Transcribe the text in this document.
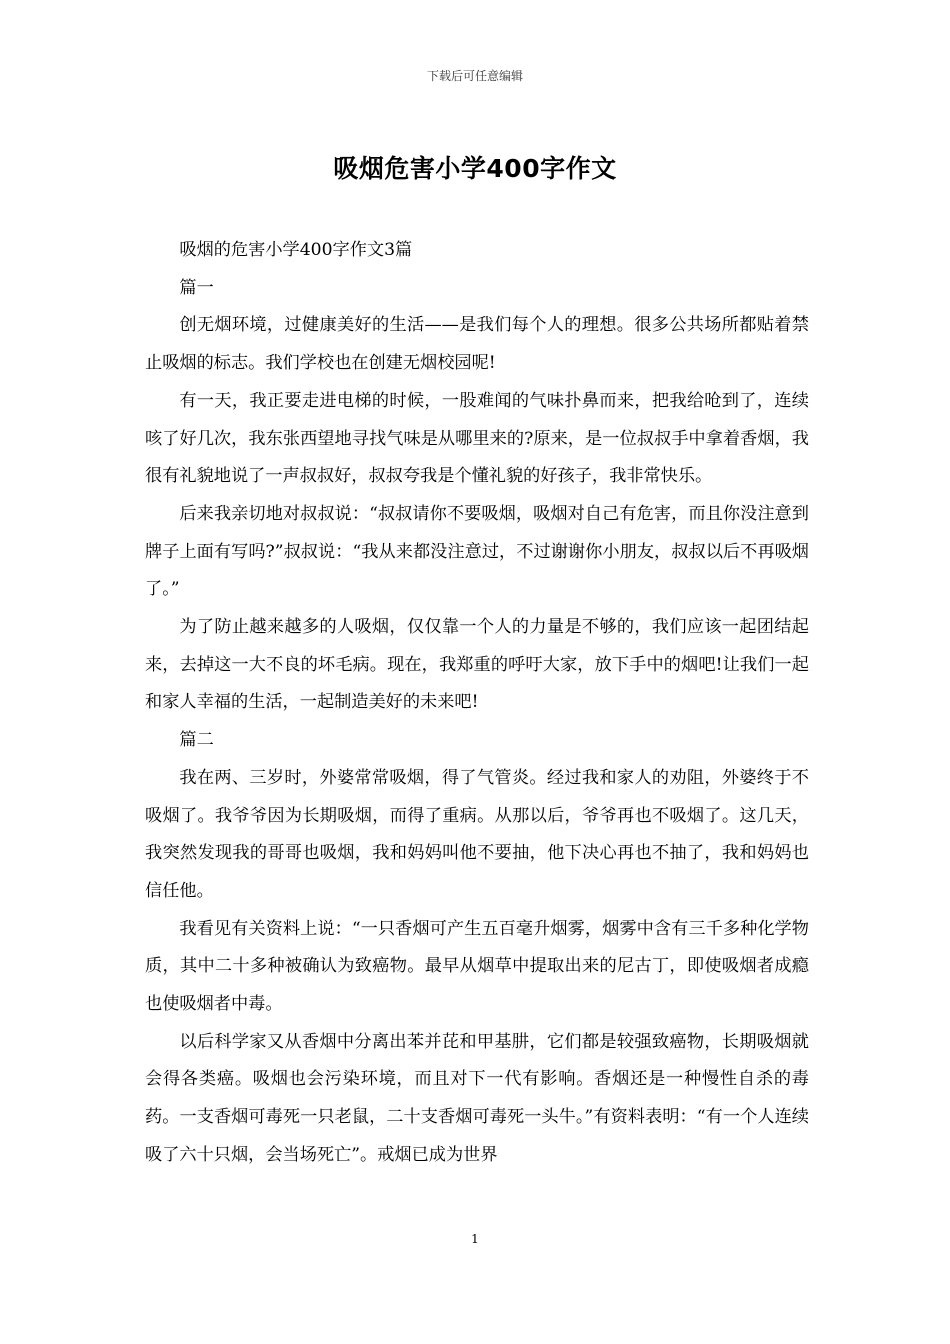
下载后可任意编辑
吸烟危害小学400字作文

吸烟的危害小学400字作文3篇

篇一

创无烟环境，过健康美好的生活——是我们每个人的理想。很多公共场所都贴着禁止吸烟的标志。我们学校也在创建无烟校园呢!

有一天，我正要走进电梯的时候，一股难闻的气味扑鼻而来，把我给呛到了，连续咳了好几次，我东张西望地寻找气味是从哪里来的?原来，是一位叔叔手中拿着香烟，我很有礼貌地说了一声叔叔好，叔叔夸我是个懂礼貌的好孩子，我非常快乐。

后来我亲切地对叔叔说：“叔叔请你不要吸烟，吸烟对自己有危害，而且你没注意到牌子上面有写吗?”叔叔说：“我从来都没注意过，不过谢谢你小朋友，叔叔以后不再吸烟了。”

为了防止越来越多的人吸烟，仅仅靠一个人的力量是不够的，我们应该一起团结起来，去掉这一大不良的坏毛病。现在，我郑重的呼吁大家，放下手中的烟吧!让我们一起和家人幸福的生活，一起制造美好的未来吧!

篇二

我在两、三岁时，外婆常常吸烟，得了气管炎。经过我和家人的劝阻，外婆终于不吸烟了。我爷爷因为长期吸烟，而得了重病。从那以后，爷爷再也不吸烟了。这几天，我突然发现我的哥哥也吸烟，我和妈妈叫他不要抽，他下决心再也不抽了，我和妈妈也信任他。

我看见有关资料上说：“一只香烟可产生五百毫升烟雾，烟雾中含有三千多种化学物质，其中二十多种被确认为致癌物。最早从烟草中提取出来的尼古丁，即使吸烟者成瘾也使吸烟者中毒。

以后科学家又从香烟中分离出苯并芘和甲基肼，它们都是较强致癌物，长期吸烟就会得各类癌。吸烟也会污染环境，而且对下一代有影响。香烟还是一种慢性自杀的毒药。一支香烟可毒死一只老鼠，二十支香烟可毒死一头牛。”有资料表明：“有一个人连续吸了六十只烟，会当场死亡”。戒烟已成为世界

1
